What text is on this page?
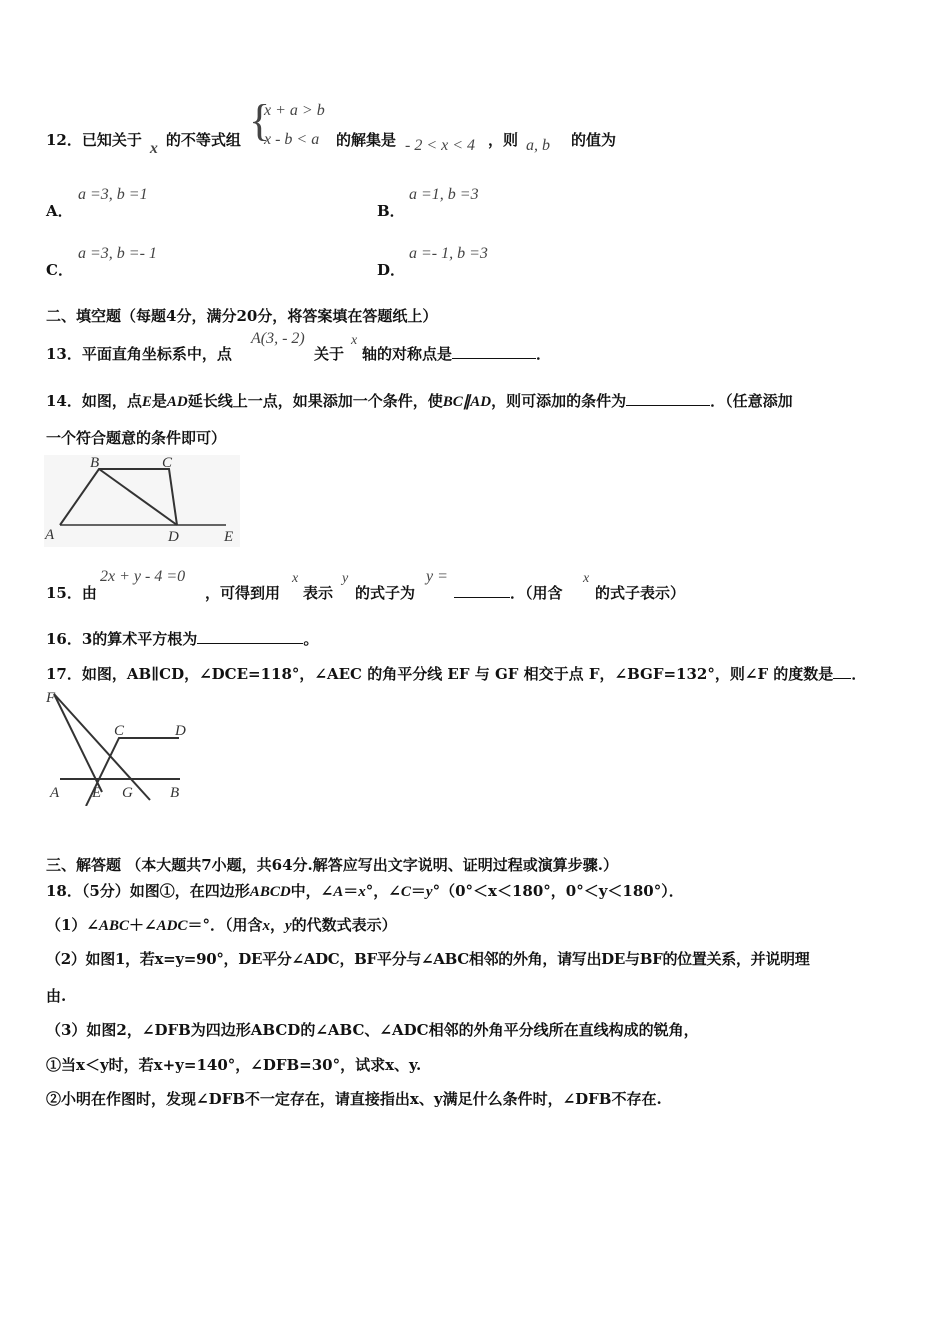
12．已知关于 x 的不等式组 {
x + a > b
x - b < a 的解集是 - 2 < x < 4 ，则 a, b 的值为
A．
a =3, b =1
B．
a =1, b =3
C．
a =3, b =- 1
D．
a =- 1, b =3
二、填空题（每题4分，满分20分，将答案填在答题纸上）
13．平面直角坐标系中，点
A(3, - 2)
关于
x
轴的对称点是	．
14．如图，点E是AD延长线上一点，如果添加一个条件，使BC∥AD，则可添加的条件为	．（任意添加
一个符合题意的条件即可）
B	C
A	D	E
15．由
2x + y - 4 =0
，可得到用
x
表示
y
的式子为
y =
．（用含
x
的式子表示）
16．3的算术平方根为	。
17．如图，AB∥CD，∠DCE=118°，∠AEC 的角平分线 EF 与 GF 相交于点 F，∠BGF=132°，则∠F 的度数是 ．
F
C	D
A E G B
三、解答题 （本大题共7小题，共64分.解答应写出文字说明、证明过程或演算步骤.）
18．（5分）如图①，在四边形ABCD中，∠A＝x°，∠C＝y°（0°＜x＜180°，0°＜y＜180°）．
（1）∠ABC＋∠ADC＝°．（用含x，y的代数式表示）
（2）如图1，若x=y=90°，DE平分∠ADC，BF平分与∠ABC相邻的外角，请写出DE与BF的位置关系，并说明理
由.
（3）如图2，∠DFB为四边形ABCD的∠ABC、∠ADC相邻的外角平分线所在直线构成的锐角，
①当x＜y时，若x+y=140°，∠DFB=30°，试求x、y.
②小明在作图时，发现∠DFB不一定存在，请直接指出x、y满足什么条件时，∠DFB不存在.
